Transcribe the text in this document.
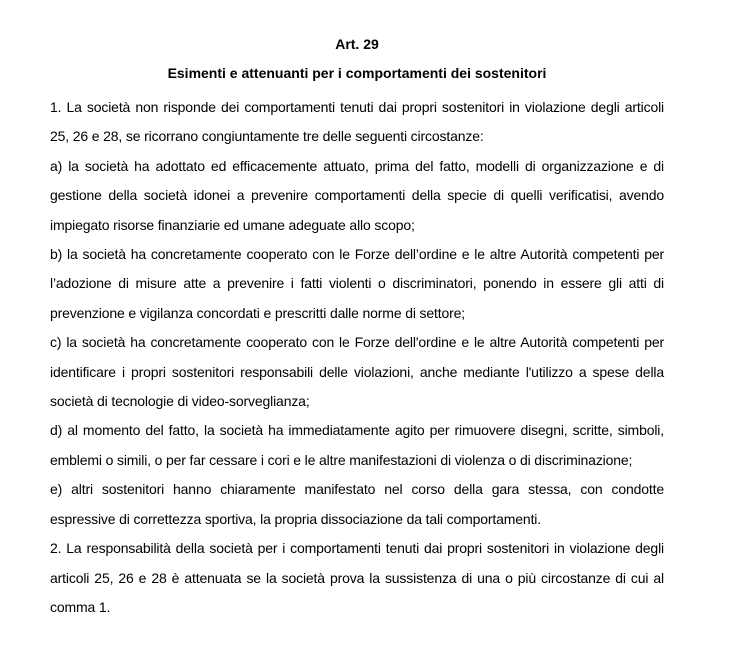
Art. 29
Esimenti e attenuanti per i comportamenti dei sostenitori

1. La società non risponde dei comportamenti tenuti dai propri sostenitori in violazione degli articoli 25, 26 e 28, se ricorrano congiuntamente tre delle seguenti circostanze:

a) la società ha adottato ed efficacemente attuato, prima del fatto, modelli di organizzazione e di gestione della società idonei a prevenire comportamenti della specie di quelli verificatisi, avendo impiegato risorse finanziarie ed umane adeguate allo scopo;

b) la società ha concretamente cooperato con le Forze dell’ordine e le altre Autorità competenti per l’adozione di misure atte a prevenire i fatti violenti o discriminatori, ponendo in essere gli atti di prevenzione e vigilanza concordati e prescritti dalle norme di settore;

c) la società ha concretamente cooperato con le Forze dell'ordine e le altre Autorità competenti per identificare i propri sostenitori responsabili delle violazioni, anche mediante l'utilizzo a spese della società di tecnologie di video-sorveglianza;

d) al momento del fatto, la società ha immediatamente agito per rimuovere disegni, scritte, simboli, emblemi o simili, o per far cessare i cori e le altre manifestazioni di violenza o di discriminazione;

e) altri sostenitori hanno chiaramente manifestato nel corso della gara stessa, con condotte espressive di correttezza sportiva, la propria dissociazione da tali comportamenti.

2. La responsabilità della società per i comportamenti tenuti dai propri sostenitori in violazione degli articoli 25, 26 e 28 è attenuata se la società prova la sussistenza di una o più circostanze di cui al comma 1.
